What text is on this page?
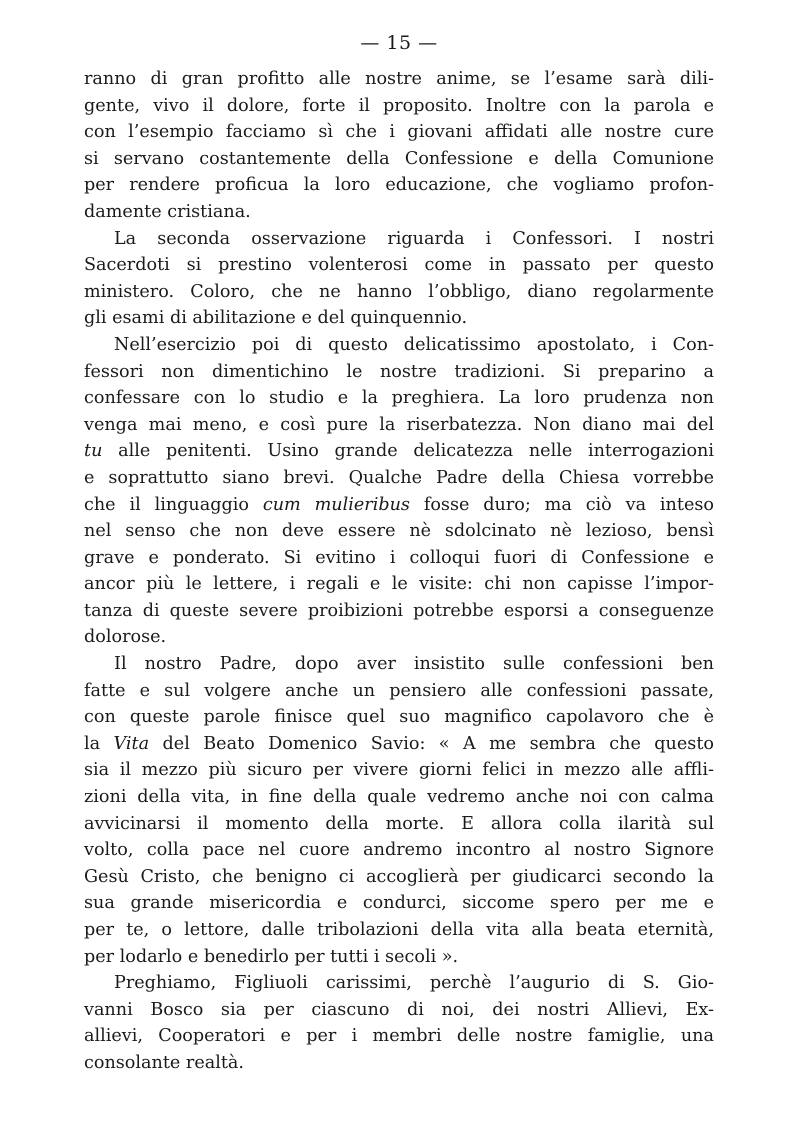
— 15 —
ranno di gran profitto alle nostre anime, se l’esame sarà dili-
gente, vivo il dolore, forte il proposito. Inoltre con la parola e
con l’esempio facciamo sì che i giovani affidati alle nostre cure
si servano costantemente della Confessione e della Comunione
per rendere proficua la loro educazione, che vogliamo profon-
damente cristiana.
La seconda osservazione riguarda i Confessori. I nostri
Sacerdoti si prestino volenterosi come in passato per questo
ministero. Coloro, che ne hanno l’obbligo, diano regolarmente
gli esami di abilitazione e del quinquennio.
Nell’esercizio poi di questo delicatissimo apostolato, i Con-
fessori non dimentichino le nostre tradizioni. Si preparino a
confessare con lo studio e la preghiera. La loro prudenza non
venga mai meno, e così pure la riserbatezza. Non diano mai del
tu alle penitenti. Usino grande delicatezza nelle interrogazioni
e soprattutto siano brevi. Qualche Padre della Chiesa vorrebbe
che il linguaggio cum mulieribus fosse duro; ma ciò va inteso
nel senso che non deve essere nè sdolcinato nè lezioso, bensì
grave e ponderato. Si evitino i colloqui fuori di Confessione e
ancor più le lettere, i regali e le visite: chi non capisse l’impor-
tanza di queste severe proibizioni potrebbe esporsi a conseguenze
dolorose.
Il nostro Padre, dopo aver insistito sulle confessioni ben
fatte e sul volgere anche un pensiero alle confessioni passate,
con queste parole finisce quel suo magnifico capolavoro che è
la Vita del Beato Domenico Savio: « A me sembra che questo
sia il mezzo più sicuro per vivere giorni felici in mezzo alle affli-
zioni della vita, in fine della quale vedremo anche noi con calma
avvicinarsi il momento della morte. E allora colla ilarità sul
volto, colla pace nel cuore andremo incontro al nostro Signore
Gesù Cristo, che benigno ci accoglierà per giudicarci secondo la
sua grande misericordia e condurci, siccome spero per me e
per te, o lettore, dalle tribolazioni della vita alla beata eternità,
per lodarlo e benedirlo per tutti i secoli ».
Preghiamo, Figliuoli carissimi, perchè l’augurio di S. Gio-
vanni Bosco sia per ciascuno di noi, dei nostri Allievi, Ex-
allievi, Cooperatori e per i membri delle nostre famiglie, una
consolante realtà.
